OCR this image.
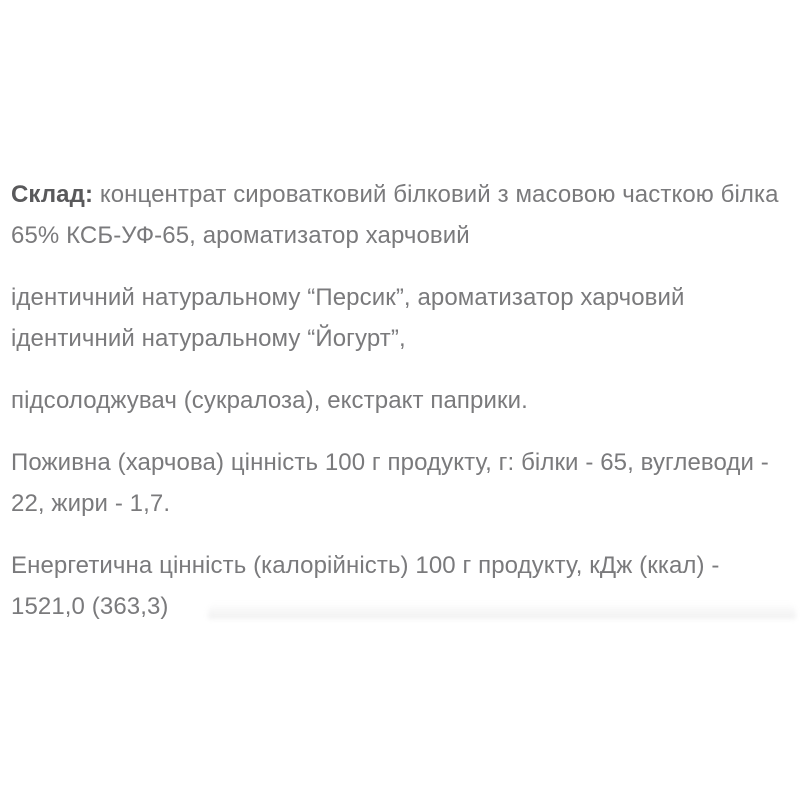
Склад: концентрат сироватковий білковий з масовою часткою білка
65% КСБ-УФ-65, ароматизатор харчовий
ідентичний натуральному “Персик”, ароматизатор харчовий
ідентичний натуральному “Йогурт”,
підсолоджувач (сукралоза), екстракт паприки.
Поживна (харчова) цінність 100 г продукту, г: білки - 65, вуглеводи -
22, жири - 1,7.
Енергетична цінність (калорійність) 100 г продукту, кДж (ккал) -
1521,0 (363,3)
